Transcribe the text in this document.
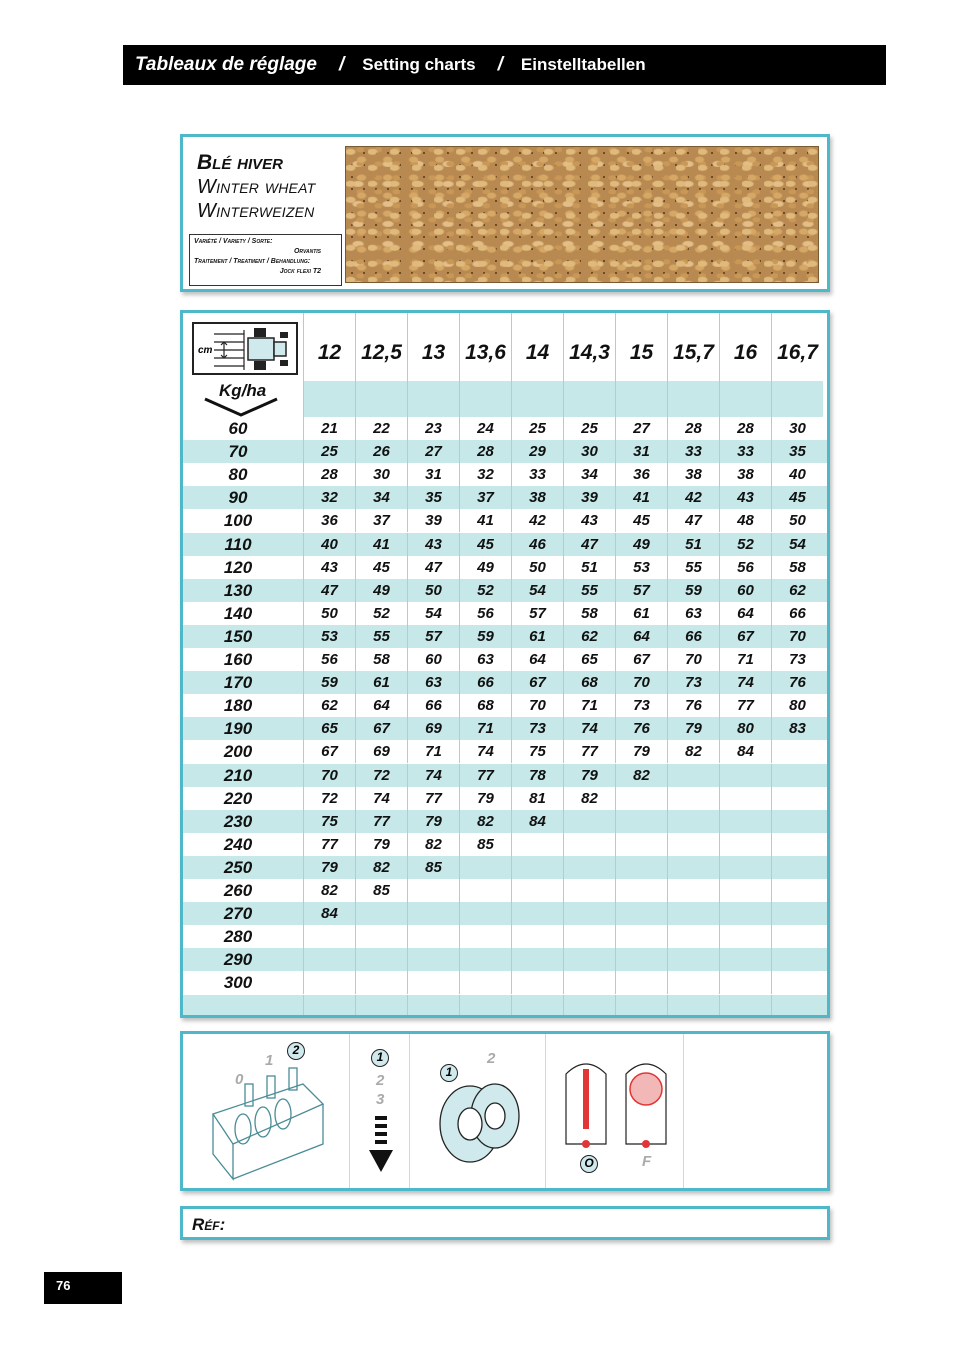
Tableaux de réglage / Setting charts / Einstelltabellen
Blé hiver
Winter wheat
Winterweizen
Variété / Variety / Sorte:
Orvantis
Traitement / Treatment / Behandlung:
Jock flexi T2
cm
Kg/ha
12 12,5 13 13,6 14 14,3 15 15,7 16 16,7
60	21	22	23	24	25	25	27	28	28	30
70	25	26	27	28	29	30	31	33	33	35
80	28	30	31	32	33	34	36	38	38	40
90	32	34	35	37	38	39	41	42	43	45
100	36	37	39	41	42	43	45	47	48	50
110	40	41	43	45	46	47	49	51	52	54
120	43	45	47	49	50	51	53	55	56	58
130	47	49	50	52	54	55	57	59	60	62
140	50	52	54	56	57	58	61	63	64	66
150	53	55	57	59	61	62	64	66	67	70
160	56	58	60	63	64	65	67	70	71	73
170	59	61	63	66	67	68	70	73	74	76
180	62	64	66	68	70	71	73	76	77	80
190	65	67	69	71	73	74	76	79	80	83
200	67	69	71	74	75	77	79	82	84
210	70	72	74	77	78	79	82
220	72	74	77	79	81	82
230	75	77	79	82	84
240	77	79	82	85
250	79	82	85
260	82	85
270	84
280
290
300
0
1
2	1
2
3
1
2
O	F
Réf:
76
